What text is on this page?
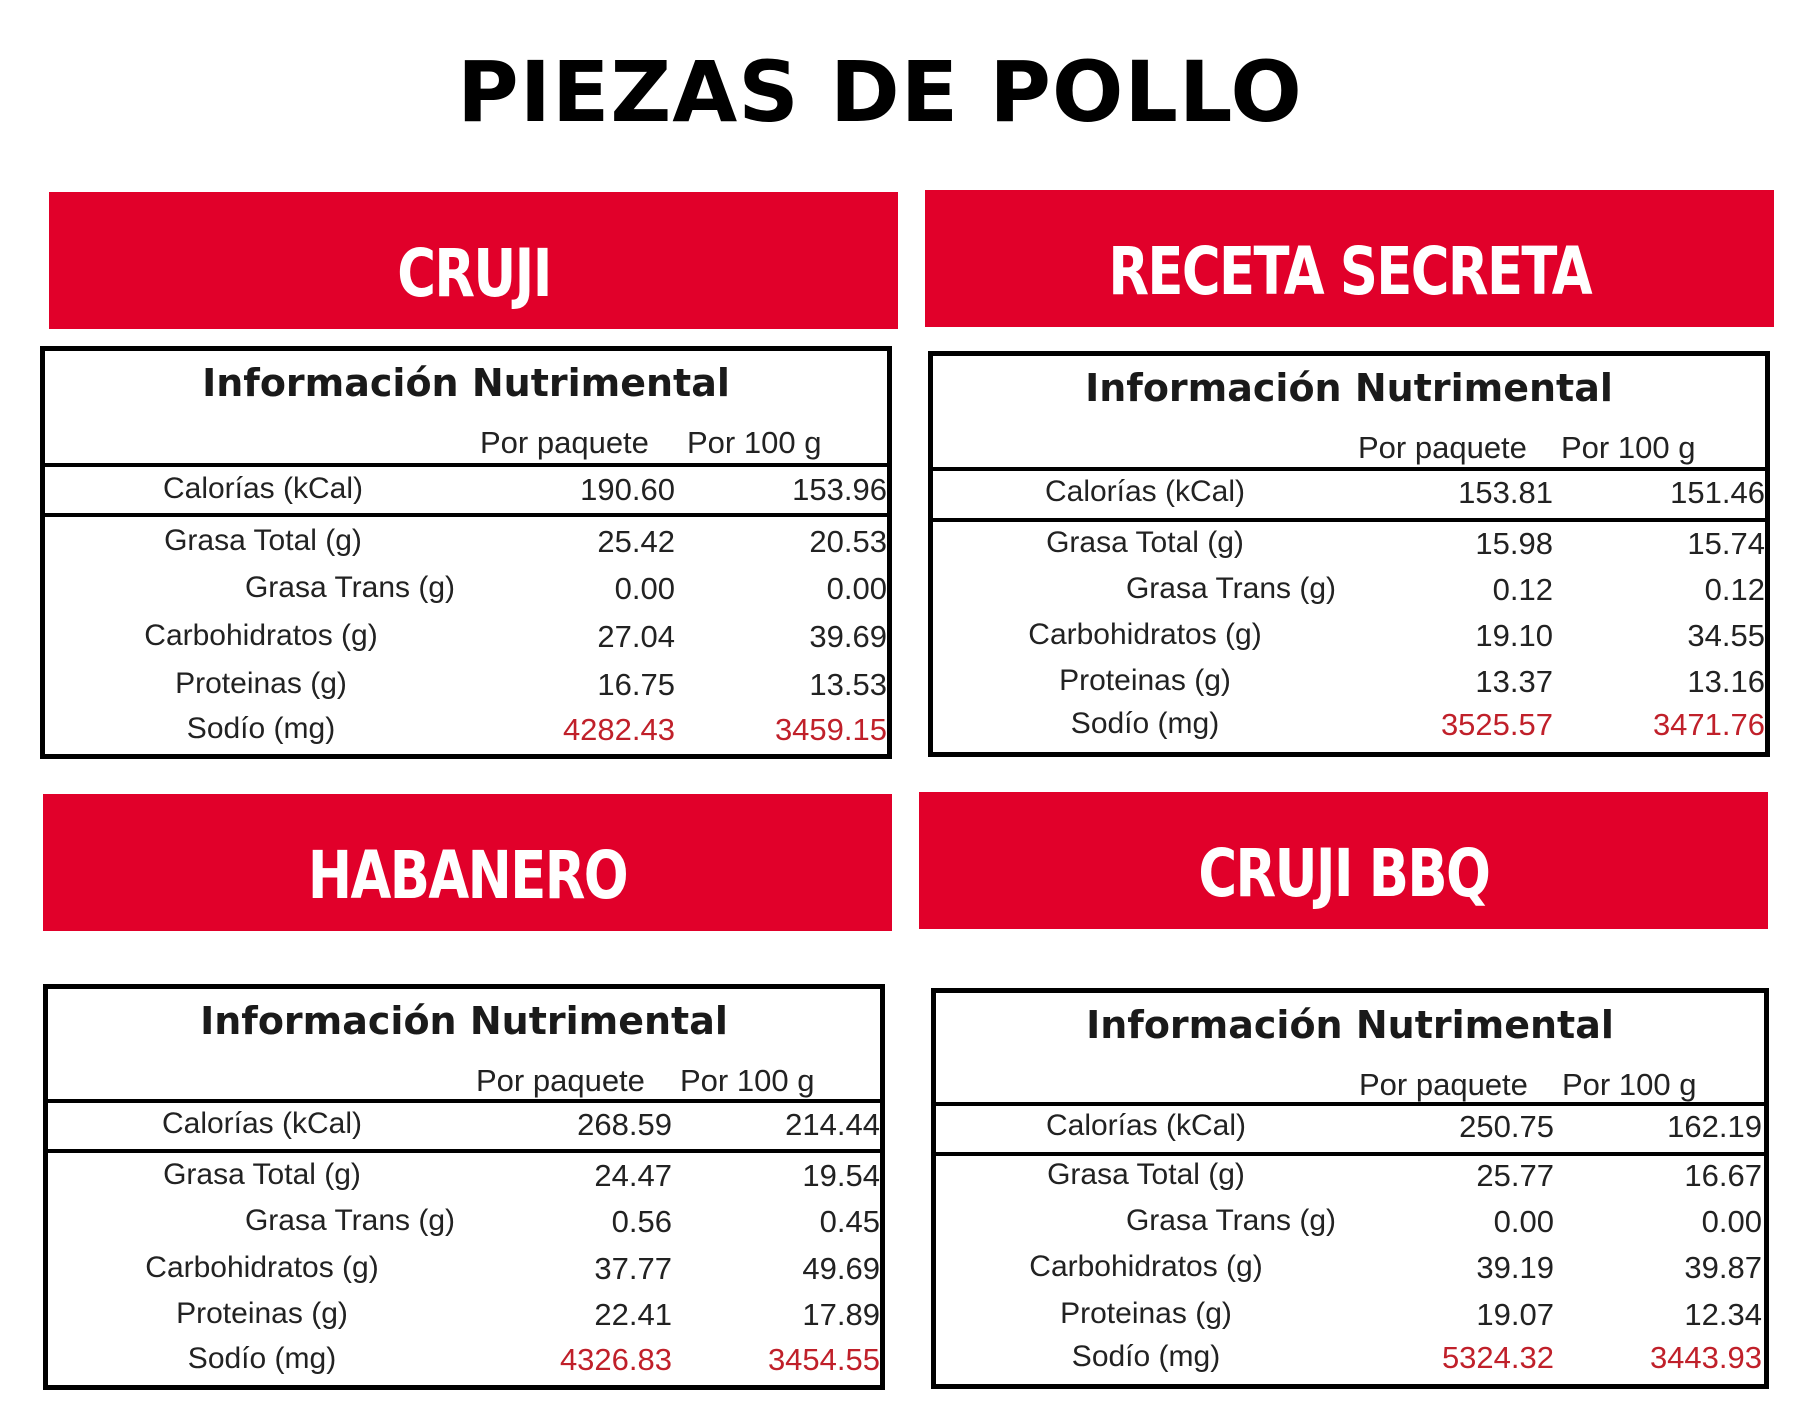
PIEZAS DE POLLO
CRUJI
Información Nutrimental
Por paquete Por 100 g
Calorías (kCal)	190.60	153.96
Grasa Total (g)	25.42	20.53
Grasa Trans (g)	0.00	0.00
Carbohidratos (g)	27.04	39.69
Proteinas (g)	16.75	13.53
Sodío (mg)	4282.43	3459.15
RECETA SECRETA
Información Nutrimental
Por paquete Por 100 g
Calorías (kCal)	153.81	151.46
Grasa Total (g)	15.98	15.74
Grasa Trans (g)	0.12	0.12
Carbohidratos (g)	19.10	34.55
Proteinas (g)	13.37	13.16
Sodío (mg)	3525.57	3471.76
HABANERO
Información Nutrimental
Por paquete Por 100 g
Calorías (kCal)	268.59	214.44
Grasa Total (g)	24.47	19.54
Grasa Trans (g)	0.56	0.45
Carbohidratos (g)	37.77	49.69
Proteinas (g)	22.41	17.89
Sodío (mg)	4326.83	3454.55
CRUJI BBQ
Información Nutrimental
Por paquete Por 100 g
Calorías (kCal)	250.75	162.19
Grasa Total (g)	25.77	16.67
Grasa Trans (g)	0.00	0.00
Carbohidratos (g)	39.19	39.87
Proteinas (g)	19.07	12.34
Sodío (mg)	5324.32	3443.93
